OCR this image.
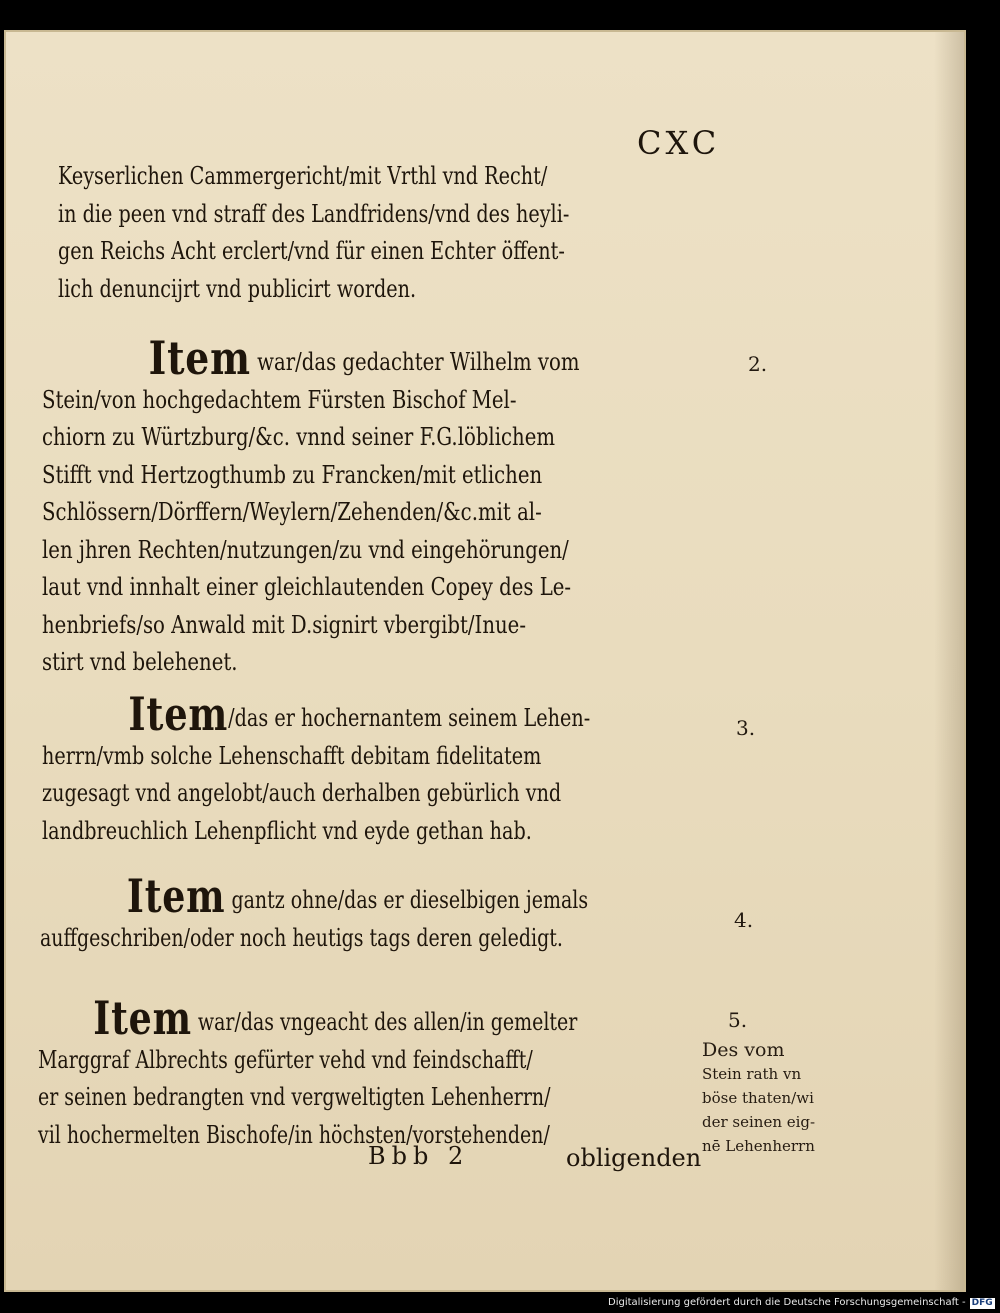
CXC

Keyserlichen Cammergericht/mit Vrthl vnd Recht/
in die peen vnd straff des Landfridens/vnd des heyli-
gen Reichs Acht erclert/vnd für einen Echter öffent-
lich denuncijrt vnd publicirt worden.
Item war/das gedachter Wilhelm vom
Stein/von hochgedachtem Fürsten Bischof Mel-
chiorn zu Würtzburg/&c. vnnd seiner F.G.löblichem
Stifft vnd Hertzogthumb zu Francken/mit etlichen
Schlössern/Dörffern/Weylern/Zehenden/&c.mit al-
len jhren Rechten/nutzungen/zu vnd eingehörungen/
laut vnd innhalt einer gleichlautenden Copey des Le-
henbriefs/so Anwald mit D.signirt vbergibt/Inue-
stirt vnd belehenet.

2.

Item/das er hochernantem seinem Lehen-
herrn/vmb solche Lehenschafft debitam fidelitatem
zugesagt vnd angelobt/auch derhalben gebürlich vnd
landbreuchlich Lehenpflicht vnd eyde gethan hab.

3.

Item gantz ohne/das er dieselbigen jemals
auffgeschriben/oder noch heutigs tags deren geledigt.

4.

Item war/das vngeacht des allen/in gemelter
Marggraf Albrechts gefürter vehd vnd feindschafft/
er seinen bedrangten vnd vergweltigten Lehenherrn/
vil hochermelten Bischofe/in höchsten/vorstehenden/

5.

Des vom
Stein rath vn
böse thaten/wi
der seinen eig-
nē Lehenherrn

Bbb 2	obligenden

Digitalisierung gefördert durch die Deutsche Forschungsgemeinschaft - DFG
